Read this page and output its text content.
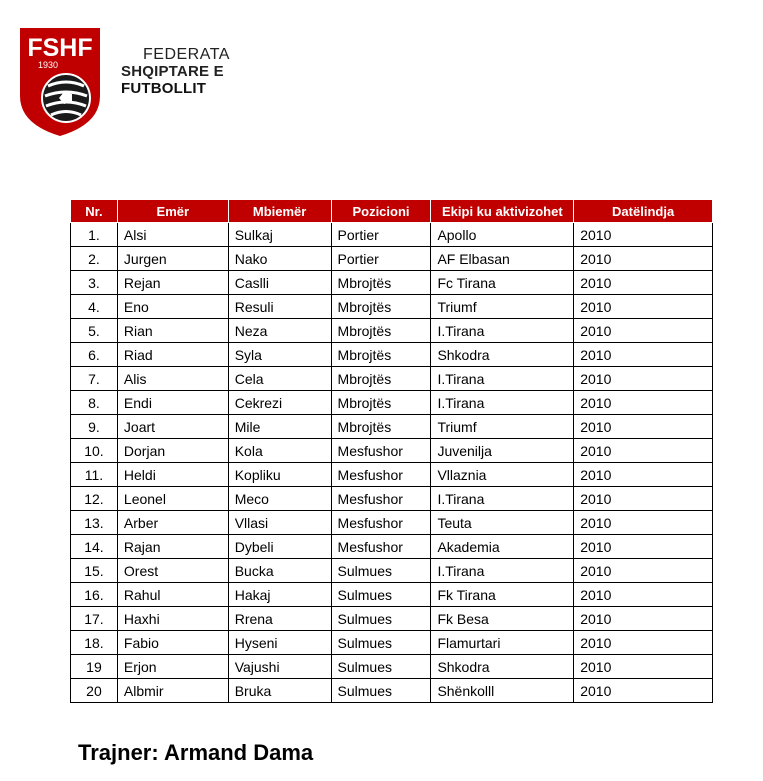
FSHF
1930
FEDERATA
SHQIPTARE E
FUTBOLLIT
Nr.	Emër	Mbiemër	Pozicioni	Ekipi ku aktivizohet	Datëlindja
1.	Alsi	Sulkaj	Portier	Apollo	2010
2.	Jurgen	Nako	Portier	AF Elbasan	2010
3.	Rejan	Caslli	Mbrojtës	Fc Tirana	2010
4.	Eno	Resuli	Mbrojtës	Triumf	2010
5.	Rian	Neza	Mbrojtës	I.Tirana	2010
6.	Riad	Syla	Mbrojtës	Shkodra	2010
7.	Alis	Cela	Mbrojtës	I.Tirana	2010
8.	Endi	Cekrezi	Mbrojtës	I.Tirana	2010
9.	Joart	Mile	Mbrojtës	Triumf	2010
10.	Dorjan	Kola	Mesfushor	Juvenilja	2010
11.	Heldi	Kopliku	Mesfushor	Vllaznia	2010
12.	Leonel	Meco	Mesfushor	I.Tirana	2010
13.	Arber	Vllasi	Mesfushor	Teuta	2010
14.	Rajan	Dybeli	Mesfushor	Akademia	2010
15.	Orest	Bucka	Sulmues	I.Tirana	2010
16.	Rahul	Hakaj	Sulmues	Fk Tirana	2010
17.	Haxhi	Rrena	Sulmues	Fk Besa	2010
18.	Fabio	Hyseni	Sulmues	Flamurtari	2010
19	Erjon	Vajushi	Sulmues	Shkodra	2010
20	Albmir	Bruka	Sulmues	Shënkolll	2010
Trajner: Armand Dama
